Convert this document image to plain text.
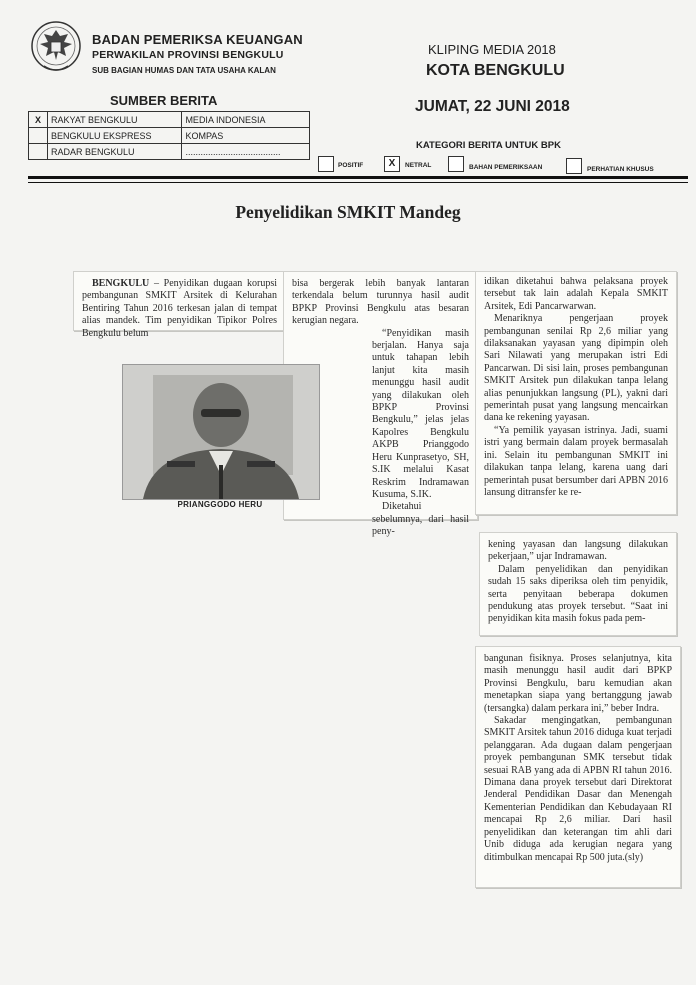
BADAN PEMERIKSA KEUANGAN
PERWAKILAN PROVINSI BENGKULU
SUB BAGIAN HUMAS DAN TATA USAHA KALAN
KLIPING MEDIA 2018
KOTA BENGKULU
JUMAT, 22 JUNI 2018
SUMBER BERITA
X	RAKYAT BENGKULU	MEDIA INDONESIA
	BENGKULU EKSPRESS	KOMPAS
	RADAR BENGKULU	......................................
KATEGORI BERITA UNTUK BPK
POSITIF	X	NETRAL	BAHAN PEMERIKSAAN	PERHATIAN KHUSUS
Penyelidikan SMKIT Mandeg

BENGKULU – Penyidikan dugaan korupsi pembangunan SMKIT Arsitek di Kelurahan Bentiring Tahun 2016 terkesan jalan di tempat alias mandek. Tim penyidikan Tipikor Polres Bengkulu belum

bisa bergerak lebih banyak lantaran terkendala belum turunnya hasil audit BPKP Provinsi Bengkulu atas besaran kerugian negara.

“Penyidikan masih berjalan. Hanya saja untuk tahapan lebih lanjut kita masih menunggu hasil audit yang dilakukan oleh BPKP Provinsi Bengkulu,” jelas jelas Kapolres Bengkulu AKPB Prianggodo Heru Kunprasetyo, SH, S.IK melalui Kasat Reskrim Indramawan Kusuma, S.IK.

Diketahui sebelumnya, dari hasil peny-

PRIANGGODO HERU

idikan diketahui bahwa pelaksana proyek tersebut tak lain adalah Kepala SMKIT Arsitek, Edi Pancarwarwan.

Menariknya pengerjaan proyek pembangunan senilai Rp 2,6 miliar yang dilaksanakan yayasan yang dipimpin oleh Sari Nilawati yang merupakan istri Edi Pancarwan. Di sisi lain, proses pembangunan SMKIT Arsitek pun dilakukan tanpa lelang alias penunjukkan langsung (PL), yakni dari pemerintah pusat yang langsung mencairkan dana ke rekening yayasan.

“Ya pemilik yayasan istrinya. Jadi, suami istri yang bermain dalam proyek bermasalah ini. Selain itu pembangunan SMKIT ini dilakukan tanpa lelang, karena uang dari pemerintah pusat bersumber dari APBN 2016 lansung ditransfer ke re-

kening yayasan dan langsung dilakukan pekerjaan,” ujar Indramawan.

Dalam penyelidikan dan penyidikan sudah 15 saks diperiksa oleh tim penyidik, serta penyitaan beberapa dokumen pendukung atas proyek tersebut. “Saat ini penyidikan kita masih fokus pada pem-

bangunan fisiknya. Proses selanjutnya, kita masih menunggu hasil audit dari BPKP Provinsi Bengkulu, baru kemudian akan menetapkan siapa yang bertanggung jawab (tersangka) dalam perkara ini,” beber Indra.

Sakadar mengingatkan, pembangunan SMKIT Arsitek tahun 2016 diduga kuat terjadi pelanggaran. Ada dugaan dalam pengerjaan proyek pembangunan SMK tersebut tidak sesuai RAB yang ada di APBN RI tahun 2016. Dimana dana proyek tersebut dari Direktorat Jenderal Pendidikan Dasar dan Menengah Kementerian Pendidikan dan Kebudayaan RI mencapai Rp 2,6 miliar. Dari hasil penyelidikan dan keterangan tim ahli dari Unib diduga ada kerugian negara yang ditimbulkan mencapai Rp 500 juta.(sly)
